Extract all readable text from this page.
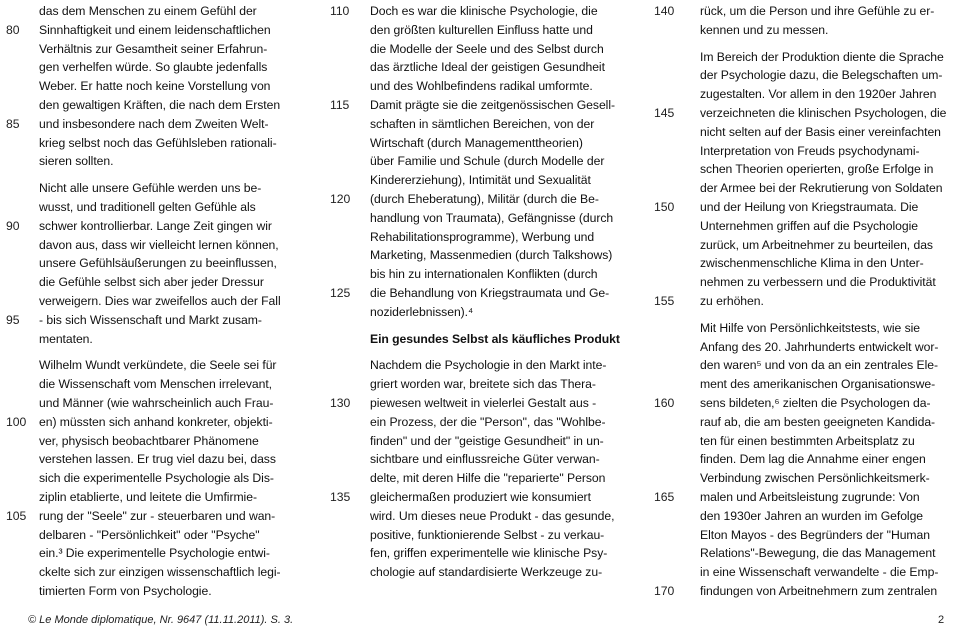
das dem Menschen zu einem Gefühl der
80	Sinnhaftigkeit und einem leidenschaftlichen
Verhältnis zur Gesamtheit seiner Erfahrun-
gen verhelfen würde. So glaubte jedenfalls
Weber. Er hatte noch keine Vorstellung von
den gewaltigen Kräften, die nach dem Ersten
85	und insbesondere nach dem Zweiten Welt-
krieg selbst noch das Gefühlsleben rationali-
sieren sollten.
Nicht alle unsere Gefühle werden uns be-
wusst, und traditionell gelten Gefühle als
90	schwer kontrollierbar. Lange Zeit gingen wir
davon aus, dass wir vielleicht lernen können,
unsere Gefühlsäußerungen zu beeinflussen,
die Gefühle selbst sich aber jeder Dressur
verweigern. Dies war zweifellos auch der Fall
95	- bis sich Wissenschaft und Markt zusam-
mentaten.
Wilhelm Wundt verkündete, die Seele sei für
die Wissenschaft vom Menschen irrelevant,
und Männer (wie wahrscheinlich auch Frau-
100	en) müssten sich anhand konkreter, objekti-
ver, physisch beobachtbarer Phänomene
verstehen lassen. Er trug viel dazu bei, dass
sich die experimentelle Psychologie als Dis-
ziplin etablierte, und leitete die Umfirmie-
105	rung der "Seele" zur - steuerbaren und wan-
delbaren - "Persönlichkeit" oder "Psyche"
ein.³ Die experimentelle Psychologie entwi-
ckelte sich zur einzigen wissenschaftlich legi-
timierten Form von Psychologie.
110	Doch es war die klinische Psychologie, die
den größten kulturellen Einfluss hatte und
die Modelle der Seele und des Selbst durch
das ärztliche Ideal der geistigen Gesundheit
und des Wohlbefindens radikal umformte.
115	Damit prägte sie die zeitgenössischen Gesell-
schaften in sämtlichen Bereichen, von der
Wirtschaft (durch Managementtheorien)
über Familie und Schule (durch Modelle der
Kindererziehung), Intimität und Sexualität
120	(durch Eheberatung), Militär (durch die Be-
handlung von Traumata), Gefängnisse (durch
Rehabilitationsprogramme), Werbung und
Marketing, Massenmedien (durch Talkshows)
bis hin zu internationalen Konflikten (durch
125	die Behandlung von Kriegstraumata und Ge-
noziderlebnissen).⁴
Ein gesundes Selbst als käufliches Produkt
Nachdem die Psychologie in den Markt inte-
griert worden war, breitete sich das Thera-
130	piewesen weltweit in vielerlei Gestalt aus -
ein Prozess, der die "Person", das "Wohlbe-
finden" und der "geistige Gesundheit" in un-
sichtbare und einflussreiche Güter verwan-
delte, mit deren Hilfe die "reparierte" Person
135	gleichermaßen produziert wie konsumiert
wird. Um dieses neue Produkt - das gesunde,
positive, funktionierende Selbst - zu verkau-
fen, griffen experimentelle wie klinische Psy-
chologie auf standardisierte Werkzeuge zu-
140	rück, um die Person und ihre Gefühle zu er-
kennen und zu messen.
Im Bereich der Produktion diente die Sprache
der Psychologie dazu, die Belegschaften um-
zugestalten. Vor allem in den 1920er Jahren
145	verzeichneten die klinischen Psychologen, die
nicht selten auf der Basis einer vereinfachten
Interpretation von Freuds psychodynami-
schen Theorien operierten, große Erfolge in
der Armee bei der Rekrutierung von Soldaten
150	und der Heilung von Kriegstraumata. Die
Unternehmen griffen auf die Psychologie
zurück, um Arbeitnehmer zu beurteilen, das
zwischenmenschliche Klima in den Unter-
nehmen zu verbessern und die Produktivität
155	zu erhöhen.
Mit Hilfe von Persönlichkeitstests, wie sie
Anfang des 20. Jahrhunderts entwickelt wor-
den waren⁵ und von da an ein zentrales Ele-
ment des amerikanischen Organisationswe-
160	sens bildeten,⁶ zielten die Psychologen da-
rauf ab, die am besten geeigneten Kandida-
ten für einen bestimmten Arbeitsplatz zu
finden. Dem lag die Annahme einer engen
Verbindung zwischen Persönlichkeitsmerk-
165	malen und Arbeitsleistung zugrunde: Von
den 1930er Jahren an wurden im Gefolge
Elton Mayos - des Begründers der "Human
Relations"-Bewegung, die das Management
in eine Wissenschaft verwandelte - die Emp-
170	findungen von Arbeitnehmern zum zentralen
© Le Monde diplomatique, Nr. 9647 (11.11.2011). S. 3.	2
